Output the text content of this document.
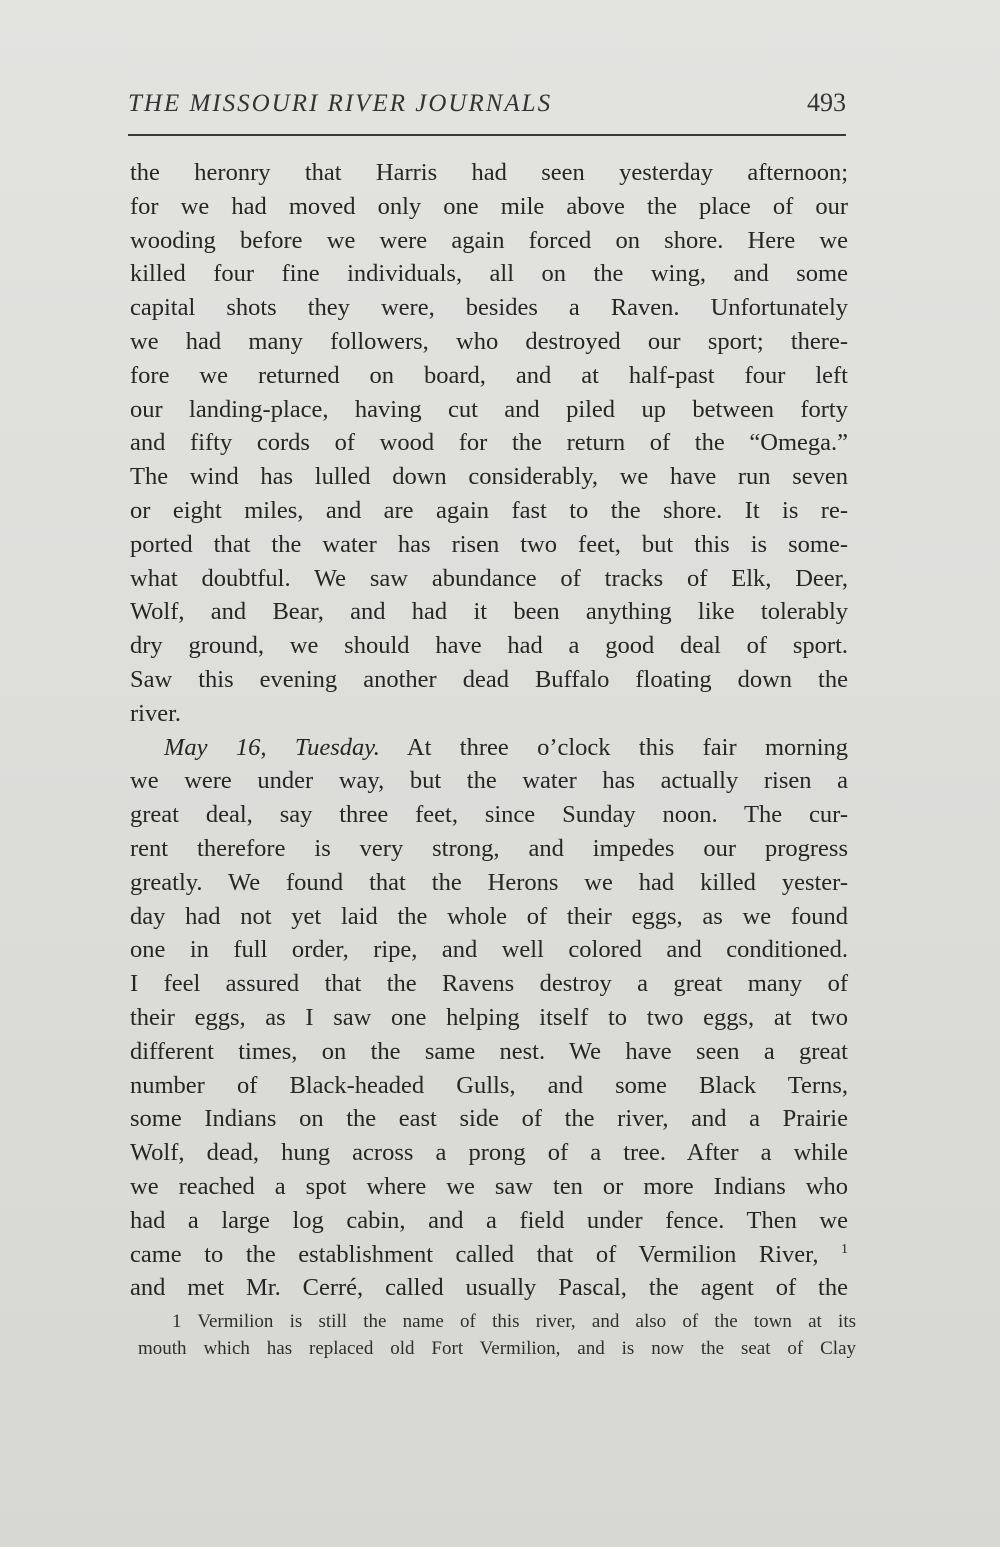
THE MISSOURI RIVER JOURNALS	493
the heronry that Harris had seen yesterday afternoon;
for we had moved only one mile above the place of our
wooding before we were again forced on shore. Here we
killed four fine individuals, all on the wing, and some
capital shots they were, besides a Raven. Unfortunately
we had many followers, who destroyed our sport; there-
fore we returned on board, and at half-past four left
our landing-place, having cut and piled up between forty
and fifty cords of wood for the return of the “Omega.”
The wind has lulled down considerably, we have run seven
or eight miles, and are again fast to the shore. It is re-
ported that the water has risen two feet, but this is some-
what doubtful. We saw abundance of tracks of Elk, Deer,
Wolf, and Bear, and had it been anything like tolerably
dry ground, we should have had a good deal of sport.
Saw this evening another dead Buffalo floating down the
river.
May 16, Tuesday. At three o’clock this fair morning
we were under way, but the water has actually risen a
great deal, say three feet, since Sunday noon. The cur-
rent therefore is very strong, and impedes our progress
greatly. We found that the Herons we had killed yester-
day had not yet laid the whole of their eggs, as we found
one in full order, ripe, and well colored and conditioned.
I feel assured that the Ravens destroy a great many of
their eggs, as I saw one helping itself to two eggs, at two
different times, on the same nest. We have seen a great
number of Black-headed Gulls, and some Black Terns,
some Indians on the east side of the river, and a Prairie
Wolf, dead, hung across a prong of a tree. After a while
we reached a spot where we saw ten or more Indians who
had a large log cabin, and a field under fence. Then we
came to the establishment called that of Vermilion River, $^1$
and met Mr. Cerré, called usually Pascal, the agent of the
1 Vermilion is still the name of this river, and also of the town at its
mouth which has replaced old Fort Vermilion, and is now the seat of Clay
